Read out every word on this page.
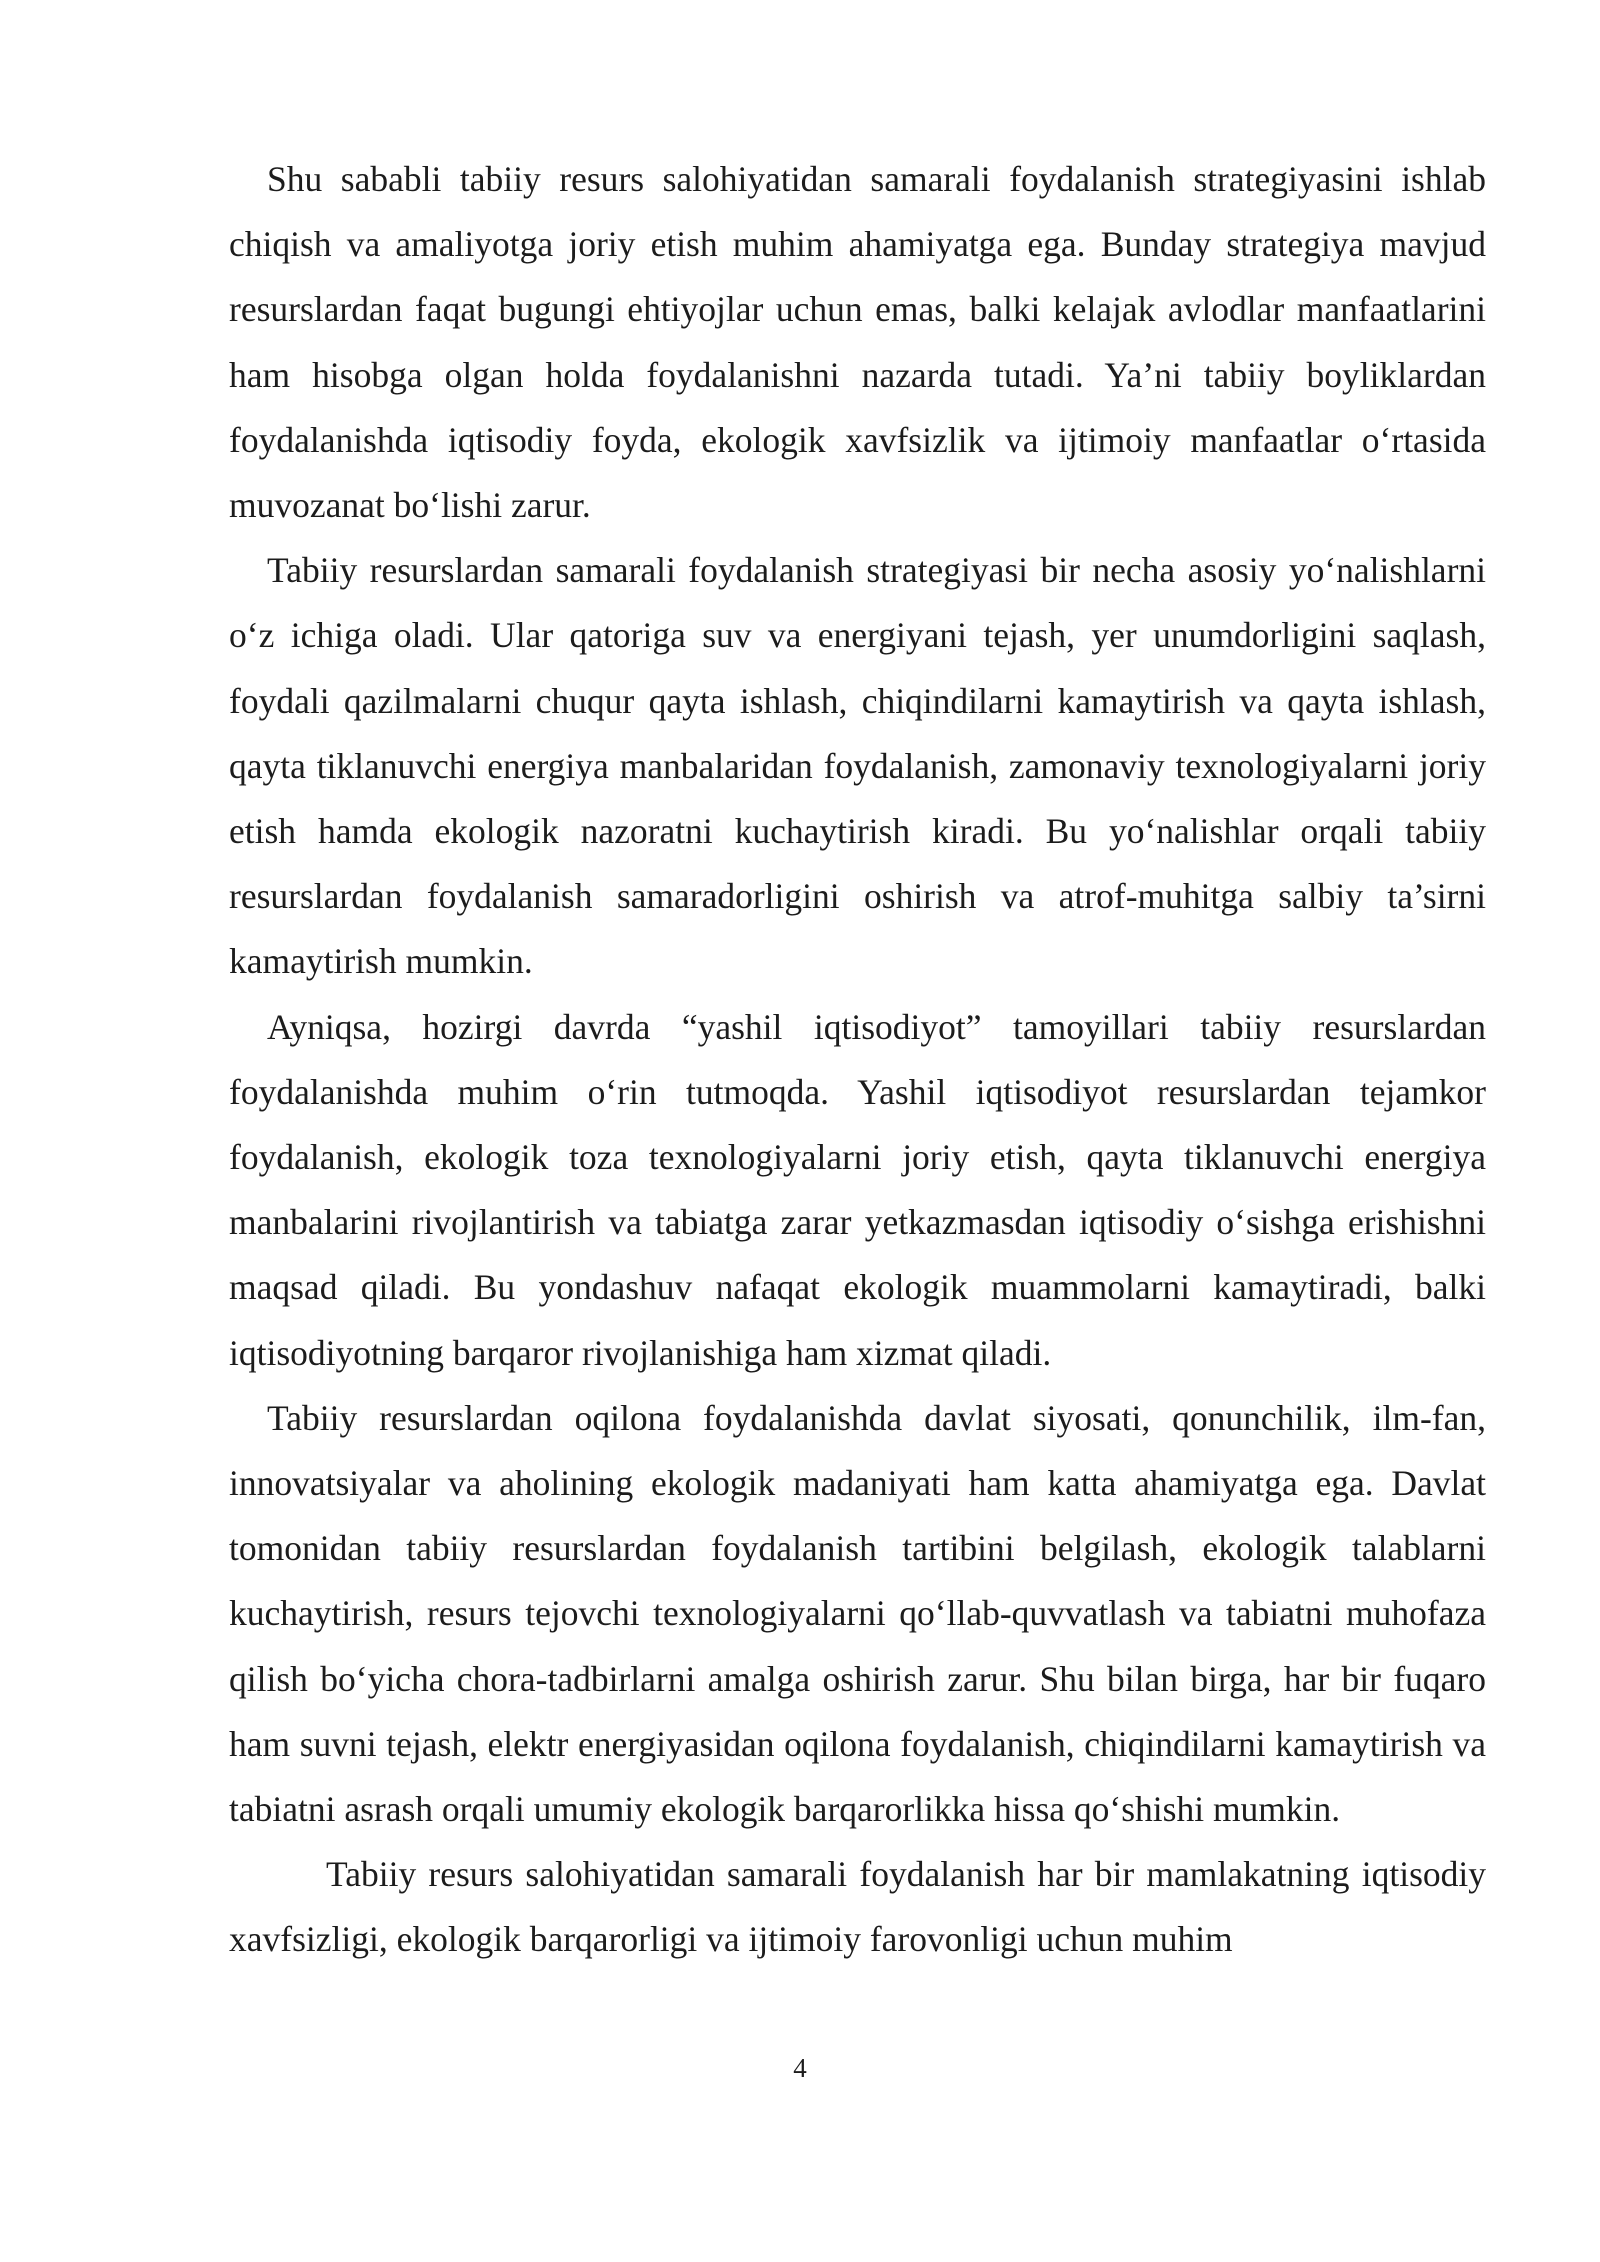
Shu sababli tabiiy resurs salohiyatidan samarali foydalanish strategiyasini ishlab chiqish va amaliyotga joriy etish muhim ahamiyatga ega. Bunday strategiya mavjud resurslardan faqat bugungi ehtiyojlar uchun emas, balki kelajak avlodlar manfaatlarini ham hisobga olgan holda foydalanishni nazarda tutadi. Ya’ni tabiiy boyliklardan foydalanishda iqtisodiy foyda, ekologik xavfsizlik va ijtimoiy manfaatlar o‘rtasida muvozanat bo‘lishi zarur.

Tabiiy resurslardan samarali foydalanish strategiyasi bir necha asosiy yo‘nalishlarni o‘z ichiga oladi. Ular qatoriga suv va energiyani tejash, yer unumdorligini saqlash, foydali qazilmalarni chuqur qayta ishlash, chiqindilarni kamaytirish va qayta ishlash, qayta tiklanuvchi energiya manbalaridan foydalanish, zamonaviy texnologiyalarni joriy etish hamda ekologik nazoratni kuchaytirish kiradi. Bu yo‘nalishlar orqali tabiiy resurslardan foydalanish samaradorligini oshirish va atrof-muhitga salbiy ta’sirni kamaytirish mumkin.

Ayniqsa, hozirgi davrda “yashil iqtisodiyot” tamoyillari tabiiy resurslardan foydalanishda muhim o‘rin tutmoqda. Yashil iqtisodiyot resurslardan tejamkor foydalanish, ekologik toza texnologiyalarni joriy etish, qayta tiklanuvchi energiya manbalarini rivojlantirish va tabiatga zarar yetkazmasdan iqtisodiy o‘sishga erishishni maqsad qiladi. Bu yondashuv nafaqat ekologik muammolarni kamaytiradi, balki iqtisodiyotning barqaror rivojlanishiga ham xizmat qiladi.

Tabiiy resurslardan oqilona foydalanishda davlat siyosati, qonunchilik, ilm-fan, innovatsiyalar va aholining ekologik madaniyati ham katta ahamiyatga ega. Davlat tomonidan tabiiy resurslardan foydalanish tartibini belgilash, ekologik talablarni kuchaytirish, resurs tejovchi texnologiyalarni qo‘llab-quvvatlash va tabiatni muhofaza qilish bo‘yicha chora-tadbirlarni amalga oshirish zarur. Shu bilan birga, har bir fuqaro ham suvni tejash, elektr energiyasidan oqilona foydalanish, chiqindilarni kamaytirish va tabiatni asrash orqali umumiy ekologik barqarorlikka hissa qo‘shishi mumkin.

Tabiiy resurs salohiyatidan samarali foydalanish har bir mamlakatning iqtisodiy xavfsizligi, ekologik barqarorligi va ijtimoiy farovonligi uchun muhim

4
